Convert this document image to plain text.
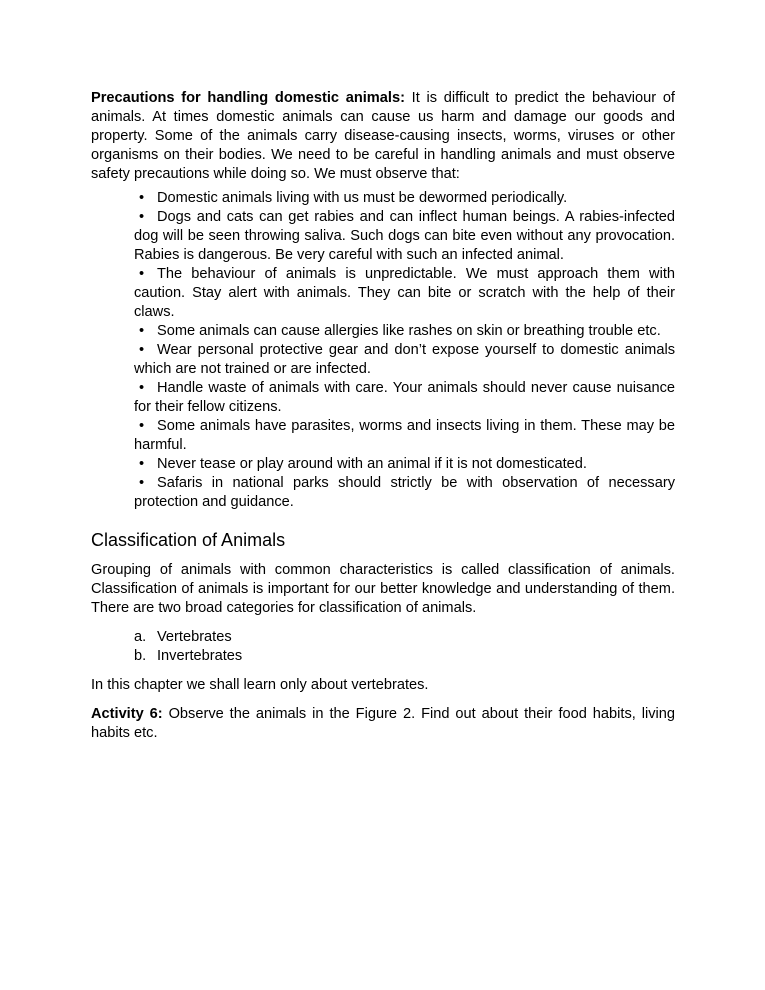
Precautions for handling domestic animals: It is difficult to predict the behaviour of animals. At times domestic animals can cause us harm and damage our goods and property. Some of the animals carry disease-causing insects, worms, viruses or other organisms on their bodies. We need to be careful in handling animals and must observe safety precautions while doing so. We must observe that:

• Domestic animals living with us must be dewormed periodically.
• Dogs and cats can get rabies and can inflect human beings. A rabies-infected dog will be seen throwing saliva. Such dogs can bite even without any provocation. Rabies is dangerous. Be very careful with such an infected animal.
• The behaviour of animals is unpredictable. We must approach them with caution. Stay alert with animals. They can bite or scratch with the help of their claws.
• Some animals can cause allergies like rashes on skin or breathing trouble etc.
• Wear personal protective gear and don’t expose yourself to domestic animals which are not trained or are infected.
• Handle waste of animals with care. Your animals should never cause nuisance for their fellow citizens.
• Some animals have parasites, worms and insects living in them. These may be harmful.
• Never tease or play around with an animal if it is not domesticated.
• Safaris in national parks should strictly be with observation of necessary protection and guidance.
Classification of Animals

Grouping of animals with common characteristics is called classification of animals. Classification of animals is important for our better knowledge and understanding of them. There are two broad categories for classification of animals.

a. Vertebrates
b. Invertebrates

In this chapter we shall learn only about vertebrates.

Activity 6: Observe the animals in the Figure 2. Find out about their food habits, living habits etc.
